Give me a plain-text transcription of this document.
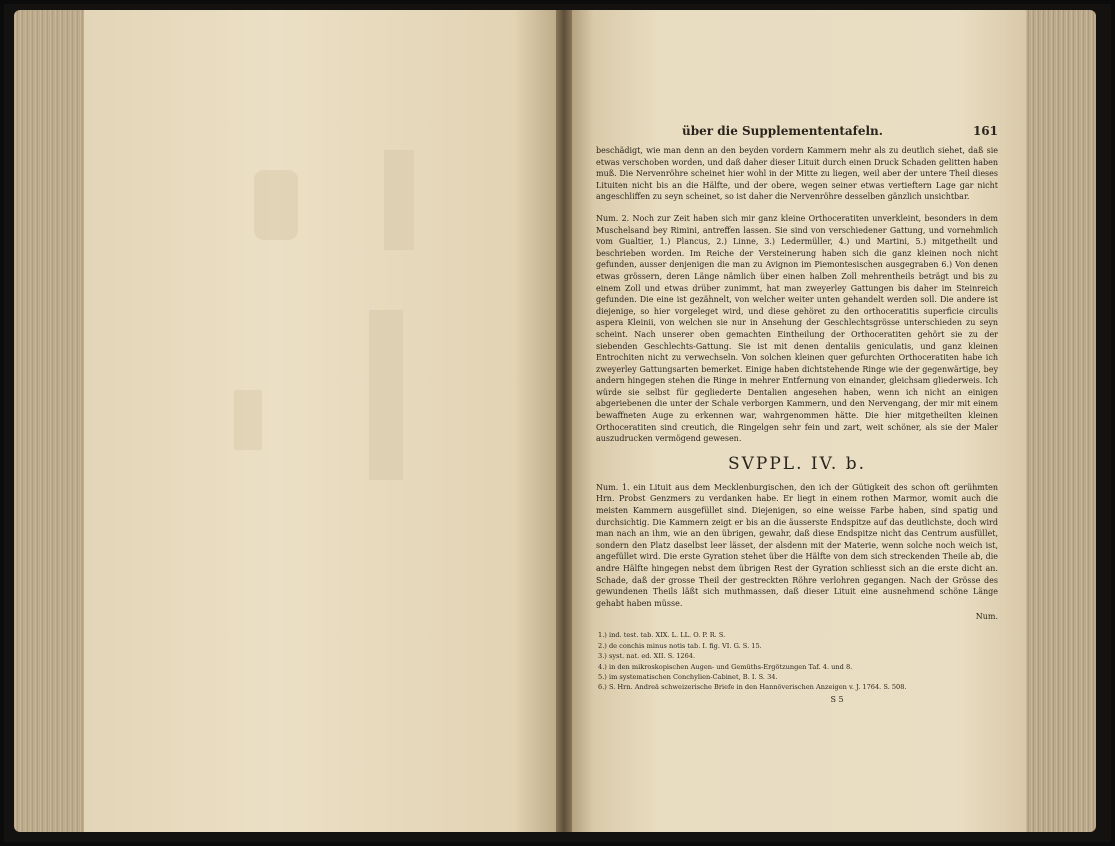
über die Supplemententafeln.	161

beschädigt, wie man denn an den beyden vordern Kammern mehr als zu deutlich siehet, daß sie etwas verschoben worden, und daß daher dieser Lituit durch einen Druck Schaden gelitten haben muß. Die Nervenröhre scheinet hier wohl in der Mitte zu liegen, weil aber der untere Theil dieses Lituiten nicht bis an die Hälfte, und der obere, wegen seiner etwas vertieftern Lage gar nicht angeschliffen zu seyn scheinet, so ist daher die Nervenröhre desselben gänzlich unsichtbar.

Num. 2. Noch zur Zeit haben sich mir ganz kleine Orthoceratiten unverkleint, besonders in dem Muschelsand bey Rimini, antreffen lassen. Sie sind von verschiedener Gattung, und vornehmlich vom Gualtier, 1.) Plancus, 2.) Linne, 3.) Ledermüller, 4.) und Martini, 5.) mitgetheilt und beschrieben worden. Im Reiche der Versteinerung haben sich die ganz kleinen noch nicht gefunden, ausser denjenigen die man zu Avignon im Piemontesischen ausgegraben 6.) Von denen etwas grössern, deren Länge nämlich über einen halben Zoll mehrentheils beträgt und bis zu einem Zoll und etwas drüber zunimmt, hat man zweyerley Gattungen bis daher im Steinreich gefunden. Die eine ist gezähnelt, von welcher weiter unten gehandelt werden soll. Die andere ist diejenige, so hier vorgeleget wird, und diese gehöret zu den orthoceratitis superficie circulis aspera Kleinii, von welchen sie nur in Ansehung der Geschlechtsgrösse unterschieden zu seyn scheint. Nach unserer oben gemachten Eintheilung der Orthoceratiten gehört sie zu der siebenden Geschlechts-Gattung. Sie ist mit denen dentaliis geniculatis, und ganz kleinen Entrochiten nicht zu verwechseln. Von solchen kleinen quer gefurchten Orthoceratiten habe ich zweyerley Gattungsarten bemerket. Einige haben dichtstehende Ringe wie der gegenwärtige, bey andern hingegen stehen die Ringe in mehrer Entfernung von einander, gleichsam gliederweis. Ich würde sie selbst für gegliederte Dentalien angesehen haben, wenn ich nicht an einigen abgeriebenen die unter der Schale verborgen Kammern, und den Nervengang, der mir mit einem bewaffneten Auge zu erkennen war, wahrgenommen hätte. Die hier mitgetheilten kleinen Orthoceratiten sind creutich, die Ringelgen sehr fein und zart, weit schöner, als sie der Maler auszudrucken vermögend gewesen.

SVPPL. IV. b.

Num. 1. ein Lituit aus dem Mecklenburgischen, den ich der Gütigkeit des schon oft gerühmten Hrn. Probst Genzmers zu verdanken habe. Er liegt in einem rothen Marmor, womit auch die meisten Kammern ausgefüllet sind. Diejenigen, so eine weisse Farbe haben, sind spatig und durchsichtig. Die Kammern zeigt er bis an die äusserste Endspitze auf das deutlichste, doch wird man nach an ihm, wie an den übrigen, gewahr, daß diese Endspitze nicht das Centrum ausfüllet, sondern den Platz daselbst leer lässet, der alsdenn mit der Materie, wenn solche noch weich ist, angefüllet wird. Die erste Gyration stehet über die Hälfte von dem sich streckenden Theile ab, die andre Hälfte hingegen nebst dem übrigen Rest der Gyration schliesst sich an die erste dicht an. Schade, daß der grosse Theil der gestreckten Röhre verlohren gegangen. Nach der Grösse des gewundenen Theils läßt sich muthmassen, daß dieser Lituit eine ausnehmend schöne Länge gehabt haben müsse.

Num.
1.) ind. test. tab. XIX. L. LL. O. P. R. S.
2.) de conchis minus notis tab. I. fig. VI. G. S. 15.
3.) syst. nat. ed. XII. S. 1264.
4.) in den mikroskopischen Augen- und Gemüths-Ergötzungen Taf. 4. und 8.
5.) im systematischen Conchylien-Cabinet, B. I. S. 34.
6.) S. Hrn. Andreä schweizerische Briefe in den Hannöverischen Anzeigen v. J. 1764. S. 508.
S 5
